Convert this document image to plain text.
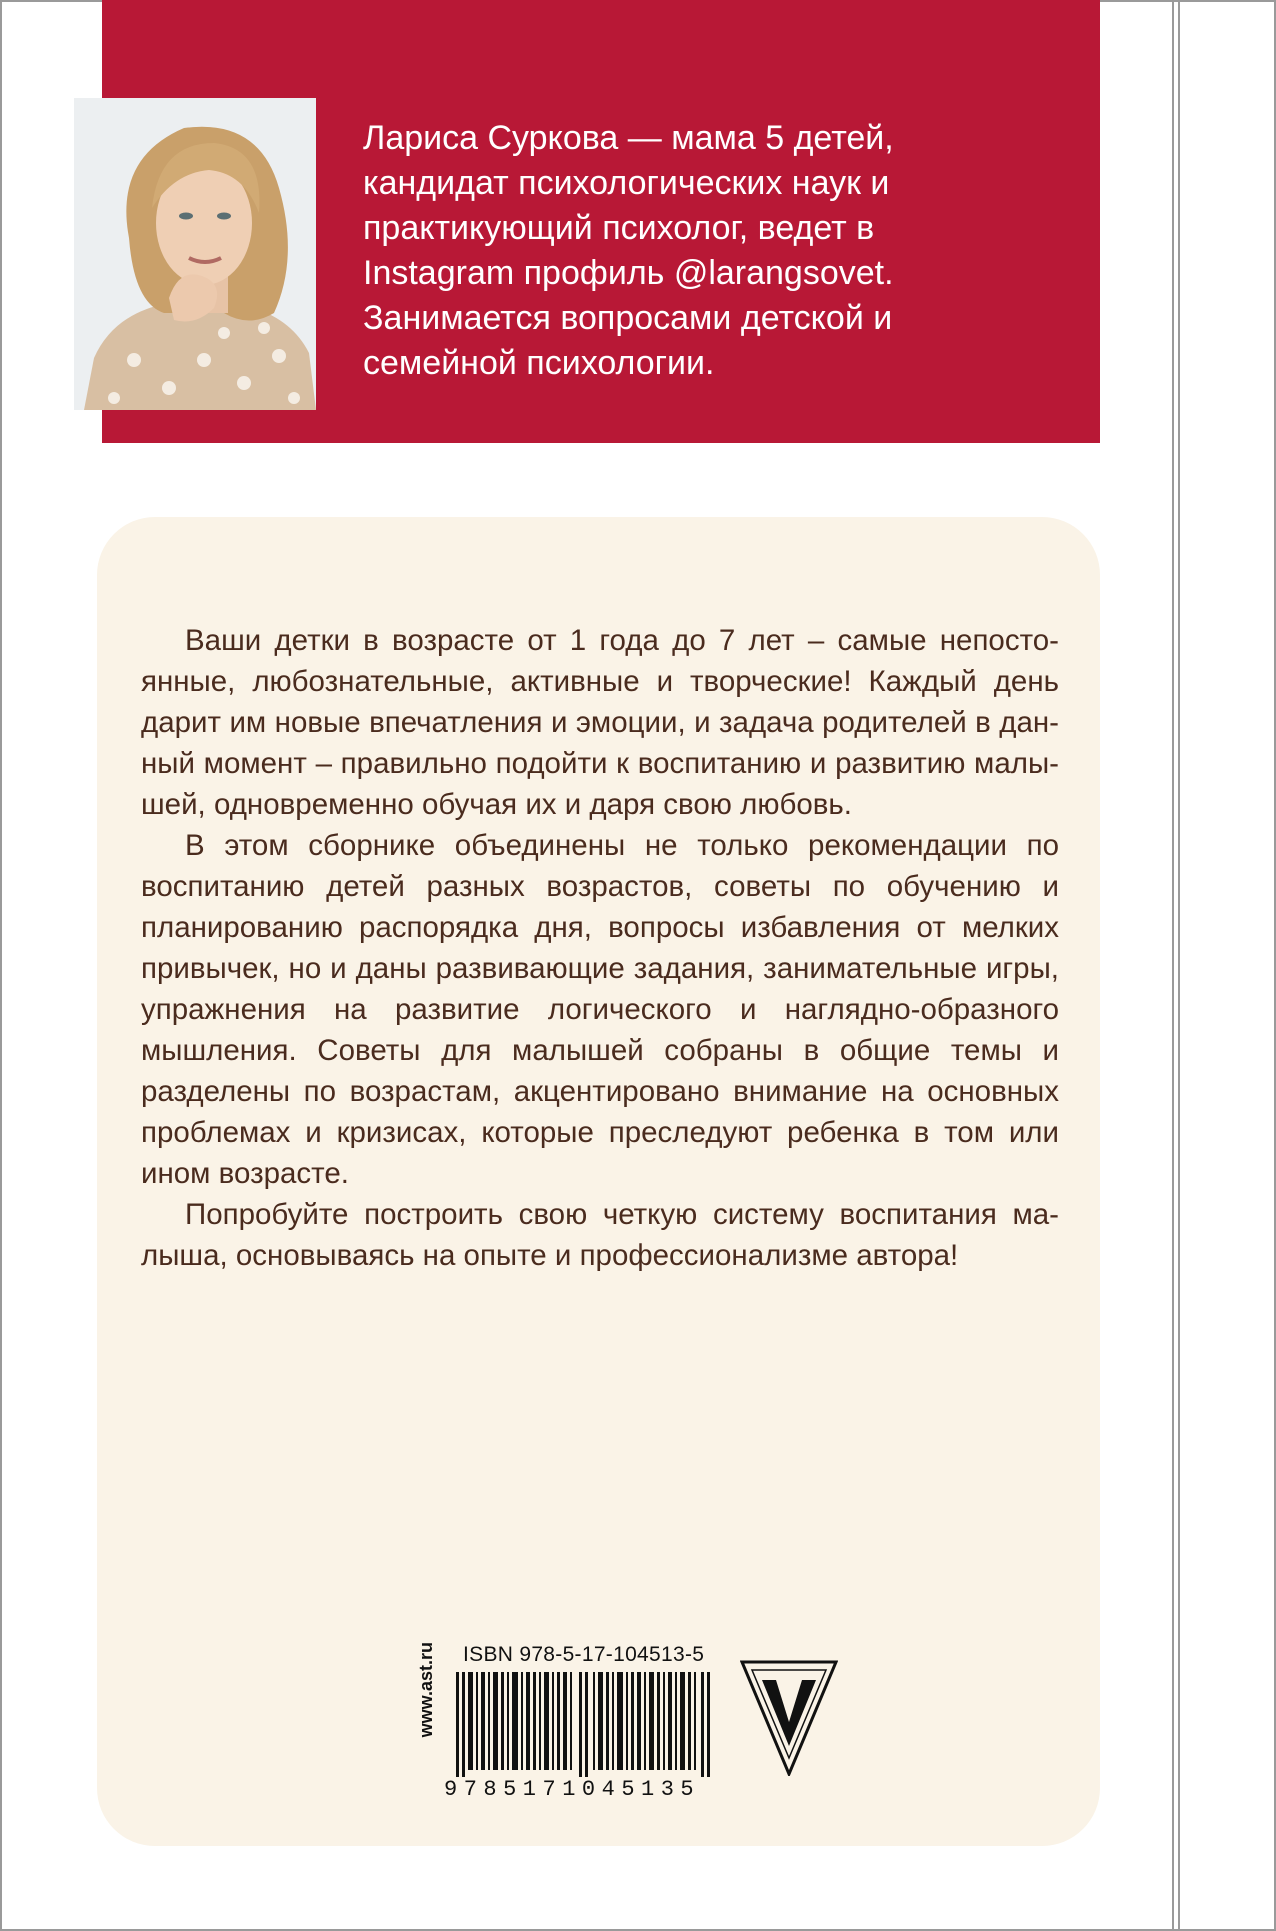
Лариса Суркова — мама 5 детей,
кандидат психологических наук и
практикующий психолог, ведет в
Instagram профиль @larangsovet.
Занимается вопросами детской и
семейной психологии.

Ваши детки в возрасте от 1 года до 7 лет – самые непостоянные, любознательные, активные и творческие! Каждый день дарит им новые впечатления и эмоции, и задача родителей в данный момент – правильно подойти к воспитанию и развитию малышей, одновременно обучая их и даря свою любовь.

В этом сборнике объединены не только рекомендации по воспитанию детей разных возрастов, советы по обучению и планированию распорядка дня, вопросы избавления от мелких привычек, но и даны развивающие задания, занимательные игры, упражнения на развитие логического и наглядно-образного мышления. Советы для малышей собраны в общие темы и разделены по возрастам, акцентировано внимание на основных проблемах и кризисах, которые преследуют ребенка в том или ином возрасте.

Попробуйте построить свою четкую систему воспитания малыша, основываясь на опыте и профессионализме автора!

www.ast.ru	ISBN 978-5-17-104513-5
9785171045135
